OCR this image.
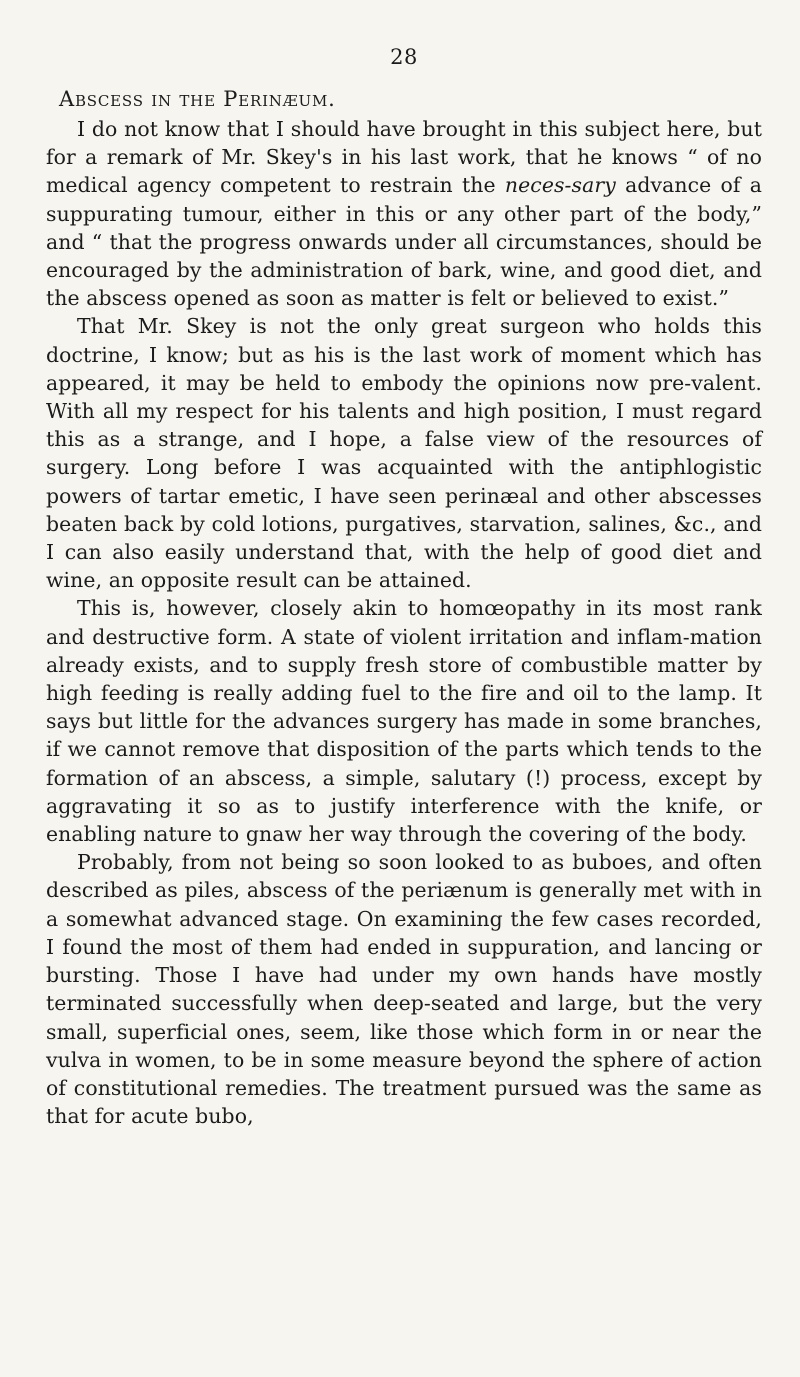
28
Abscess in the Perinæum.

I do not know that I should have brought in this subject here, but for a remark of Mr. Skey's in his last work, that he knows “ of no medical agency competent to restrain the neces-sary advance of a suppurating tumour, either in this or any other part of the body,” and “ that the progress onwards under all circumstances, should be encouraged by the administration of bark, wine, and good diet, and the abscess opened as soon as matter is felt or believed to exist.”

That Mr. Skey is not the only great surgeon who holds this doctrine, I know; but as his is the last work of moment which has appeared, it may be held to embody the opinions now pre-valent. With all my respect for his talents and high position, I must regard this as a strange, and I hope, a false view of the resources of surgery. Long before I was acquainted with the antiphlogistic powers of tartar emetic, I have seen perinæal and other abscesses beaten back by cold lotions, purgatives, starvation, salines, &c., and I can also easily understand that, with the help of good diet and wine, an opposite result can be attained.

This is, however, closely akin to homœopathy in its most rank and destructive form. A state of violent irritation and inflam-mation already exists, and to supply fresh store of combustible matter by high feeding is really adding fuel to the fire and oil to the lamp. It says but little for the advances surgery has made in some branches, if we cannot remove that disposition of the parts which tends to the formation of an abscess, a simple, salutary (!) process, except by aggravating it so as to justify interference with the knife, or enabling nature to gnaw her way through the covering of the body.

Probably, from not being so soon looked to as buboes, and often described as piles, abscess of the periænum is generally met with in a somewhat advanced stage. On examining the few cases recorded, I found the most of them had ended in suppuration, and lancing or bursting. Those I have had under my own hands have mostly terminated successfully when deep-seated and large, but the very small, superficial ones, seem, like those which form in or near the vulva in women, to be in some measure beyond the sphere of action of constitutional remedies. The treatment pursued was the same as that for acute bubo,
